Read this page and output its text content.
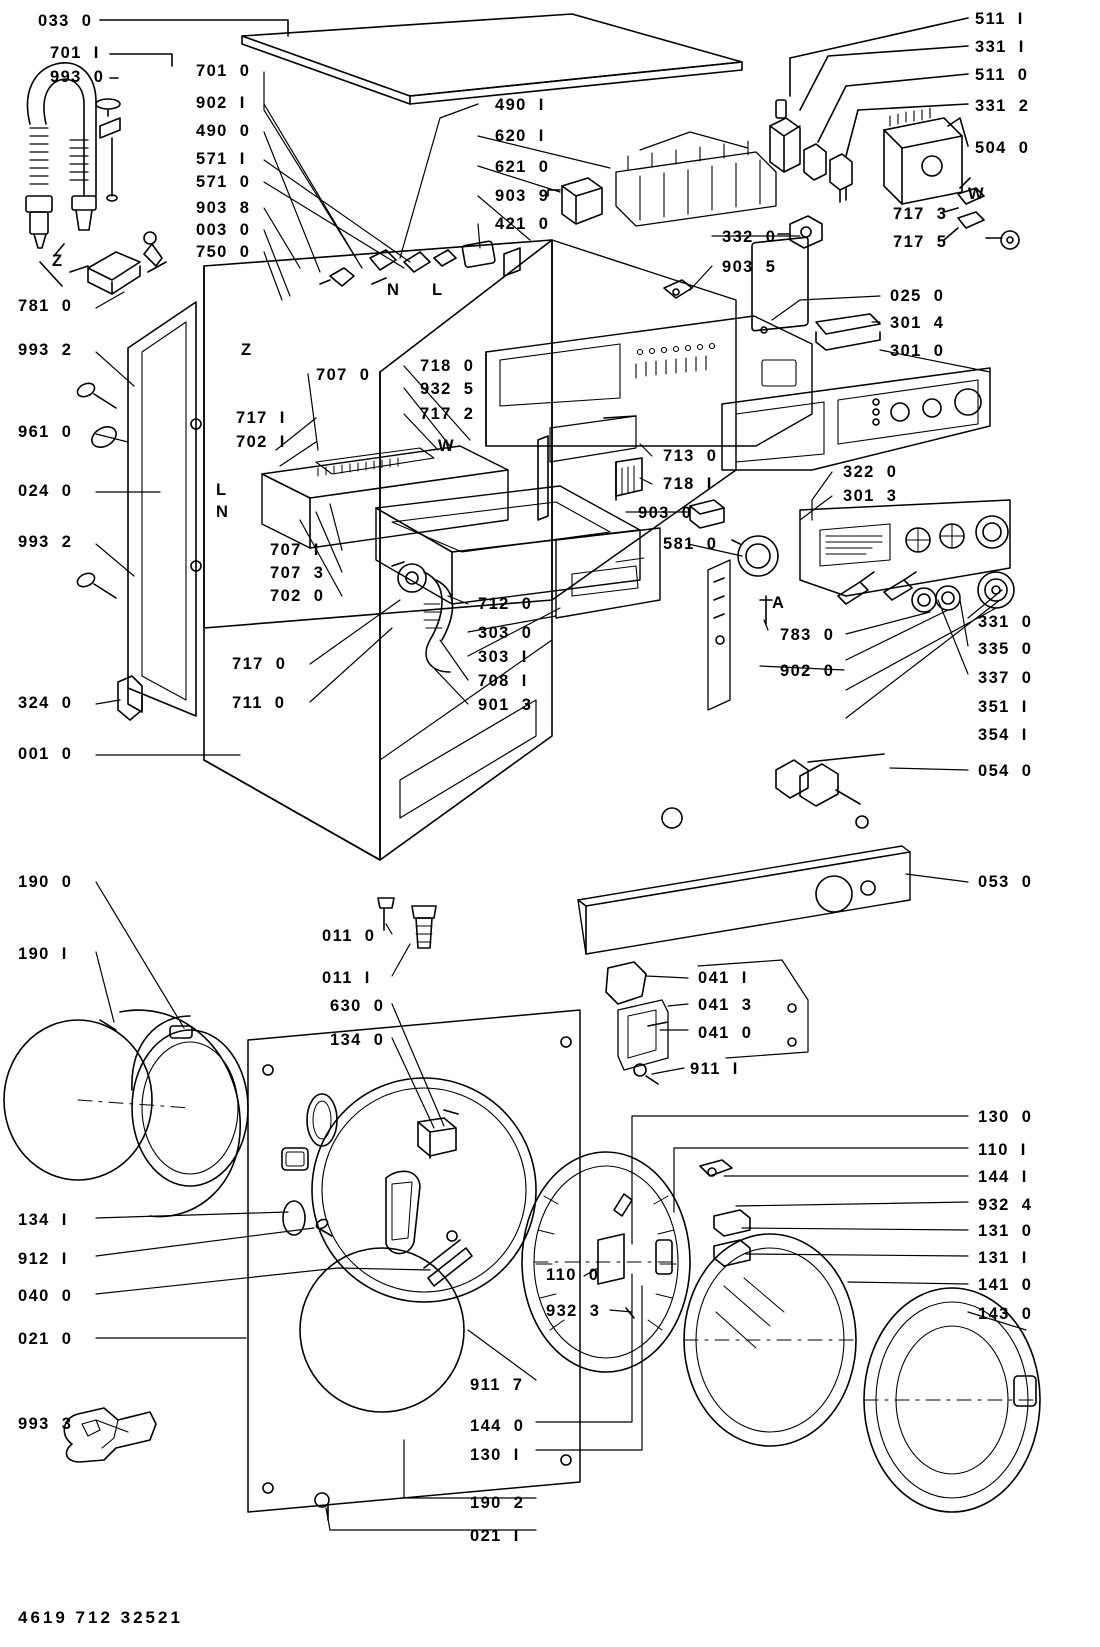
033  0
701  I
993  0	701  0
902  I
490  0
571  I
571  0
903  8
003  0
750  0
490  I
620  I
621  0
903  9
421  0
332  0
511  I
331  I
511  0
331  2
504  0
717  3
717  5
781  0
993  2
961  0
024  0
993  2
324  0
001  0
903  5
025  0
301  4
301  0
707  0	718  0
932  5
717  2
717  I
702  I
713  0
718  I
903  0
581  0
322  0
301  3
707  I
707  3
702  0	712  0
303  0
303  I
708  I
901  3
717  0
711  0
783  0
902  0
331  0
335  0
337  0
351  I
354  I
054  0
190  0
190  I
011  0
011  I
630  0
134  0
053  0
041  I
041  3
041  0
911  I
130  0
110  I
144  I
932  4
131  0
131  I
141  0
143  0
134  I
912  I
040  0
021  0
993  3
110  0
932  3
911  7
144  0
130  I
190  2
021  I
Z
Z
N L
L
N
W
W
A
4619 712 32521
